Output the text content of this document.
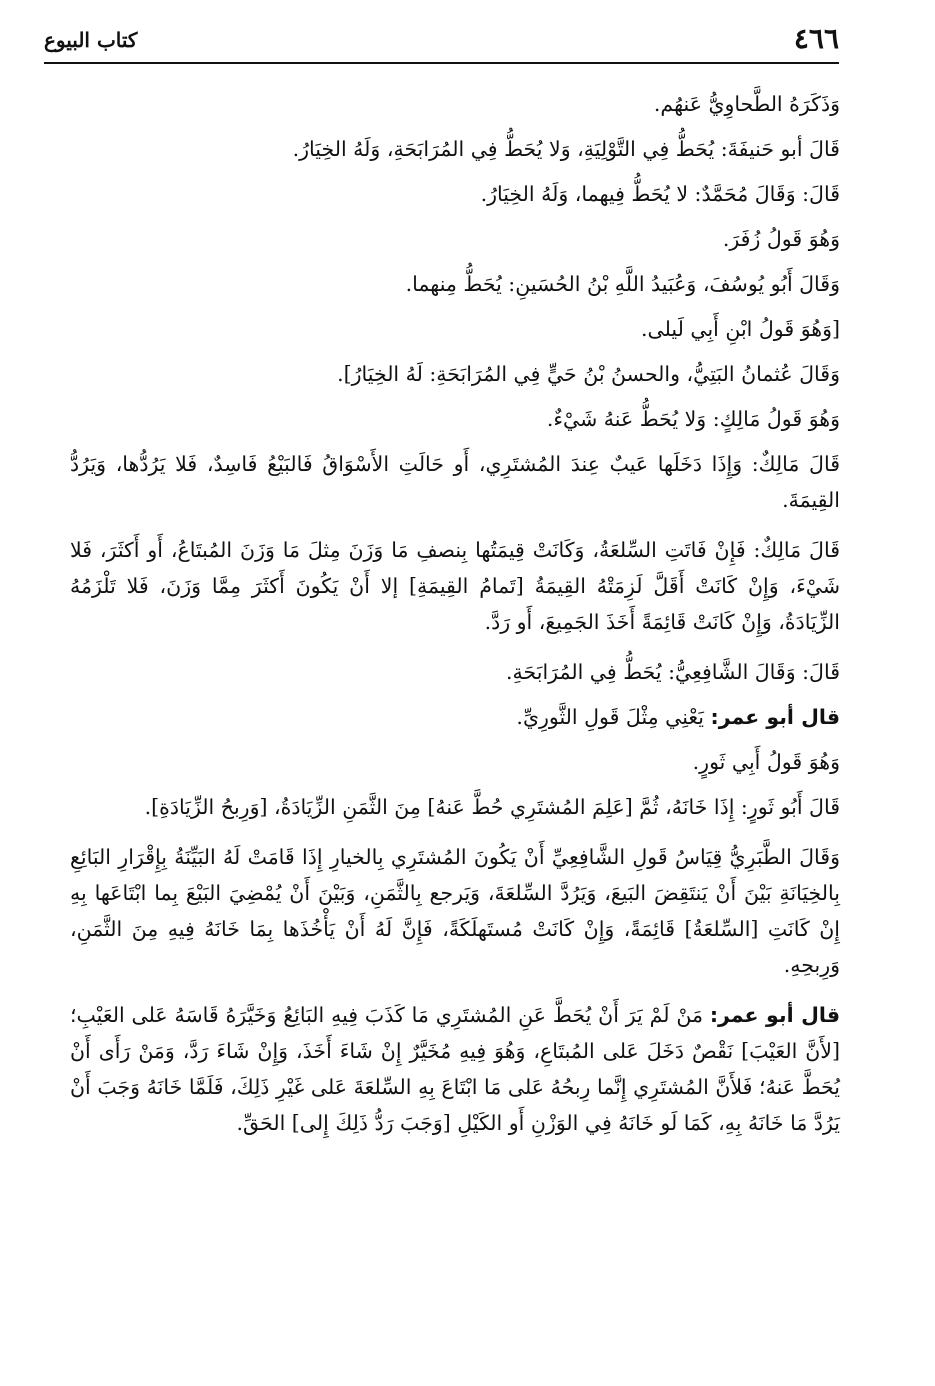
كتاب البيوع	٤٦٦

وَذَكَرَهُ الطَّحاوِيُّ عَنهُم.

قَالَ أبو حَنيفَةَ: يُحَطُّ فِي التَّوْلِيَةِ، وَلا يُحَطُّ فِي المُرَابَحَةِ، وَلَهُ الخِيَارُ.

قَالَ: وَقَالَ مُحَمَّدٌ: لا يُحَطُّ فِيهما، وَلَهُ الخِيَارُ.

وَهُوَ قَولُ زُفَرَ.

وَقَالَ أَبُو يُوسُفَ، وَعُبَيدُ اللَّهِ بْنُ الحُسَينِ: يُحَطُّ مِنهما.

[وَهُوَ قَولُ ابْنِ أَبِي لَيلى.

وَقَالَ عُثمانُ البَتِيُّ، والحسنُ بْنُ حَيٍّ فِي المُرَابَحَةِ: لَهُ الخِيَارُ].

وَهُوَ قَولُ مَالِكٍ: وَلا يُحَطُّ عَنهُ شَيْءٌ.

قَالَ مَالِكٌ: وَإِذَا دَخَلَها عَيبٌ عِندَ المُشتَرِي، أَو حَالَتِ الأَسْوَاقُ فَالبَيْعُ فَاسِدٌ، فَلا يَرُدُّها، وَيَرُدُّ القِيمَةَ.

قَالَ مَالِكٌ: فَإِنْ فَاتَتِ السِّلعَةُ، وَكَانَتْ قِيمَتُها بِنصفِ مَا وَزَنَ مِثلَ مَا وَزَنَ المُبتَاعُ، أَو أَكثَرَ، فَلا شَيْءَ، وَإِنْ كَانَتْ أَقَلَّ لَزِمَتْهُ القِيمَةُ [تَمامُ القِيمَةِ] إلا أَنْ يَكُونَ أَكثَرَ مِمَّا وَزَنَ، فَلا تَلْزَمُهُ الزِّيَادَةُ، وَإِنْ كَانَتْ قَائِمَةً أَخَذَ الجَمِيعَ، أَو رَدَّ.

قَالَ: وَقَالَ الشَّافِعِيُّ: يُحَطُّ فِي المُرَابَحَةِ.

قال أبو عمر: يَعْنِي مِثْلَ قَولِ الثَّورِيِّ.

وَهُوَ قَولُ أَبِي ثَورٍ.

قَالَ أَبُو ثَورٍ: إِذَا خَانَهُ، ثُمَّ [عَلِمَ المُشتَرِي حُطَّ عَنهُ] مِنَ الثَّمَنِ الزِّيَادَةُ، [وَرِبحُ الزِّيَادَةِ].

وَقَالَ الطَّبَرِيُّ قِيَاسُ قَولِ الشَّافِعِيِّ أَنْ يَكُونَ المُشتَرِي بِالخيارِ إِذَا قَامَتْ لَهُ البَيِّنَةُ بِإِقْرَارِ البَائِعِ بِالخِيَانَةِ بَيْنَ أَنْ يَنتَقِضَ البَيعَ، وَيَرُدَّ السِّلعَةَ، وَيَرجع بِالثَّمَنِ، وَبَيْنَ أَنْ يُمْضِيَ البَيْعَ بِما ابْتَاعَها بِهِ إِنْ كَانَتِ [السِّلعَةُ] قَائِمَةً، وَإِنْ كَانَتْ مُستَهلَكَةً، فَإِنَّ لَهُ أَنْ يَأْخُذَها بِمَا خَانَهُ فِيهِ مِنَ الثَّمَنِ، وَرِبحِهِ.

قال أبو عمر: مَنْ لَمْ يَرَ أَنْ يُحَطَّ عَنِ المُشتَرِي مَا كَذَبَ فِيهِ البَائِعُ وَخَيَّرَهُ قَاسَهُ عَلى العَيْبِ؛ [لأَنَّ العَيْبَ] نَقْصٌ دَخَلَ عَلى المُبتَاعِ، وَهُوَ فِيهِ مُخَيَّرٌ إِنْ شَاءَ أَخَذَ، وَإِنْ شَاءَ رَدَّ، وَمَنْ رَأَى أَنْ يُحَطَّ عَنهُ؛ فَلأَنَّ المُشتَرِي إِنَّما رِبحُهُ عَلى مَا ابْتَاعَ بِهِ السِّلعَةَ عَلى غَيْرِ ذَلِكَ، فَلَمَّا خَانَهُ وَجَبَ أَنْ يَرُدَّ مَا خَانَهُ بِهِ، كَمَا لَو خَانَهُ فِي الوَزْنِ أَو الكَيْلِ [وَجَبَ رَدُّ ذَلِكَ إِلى] الحَقِّ.
